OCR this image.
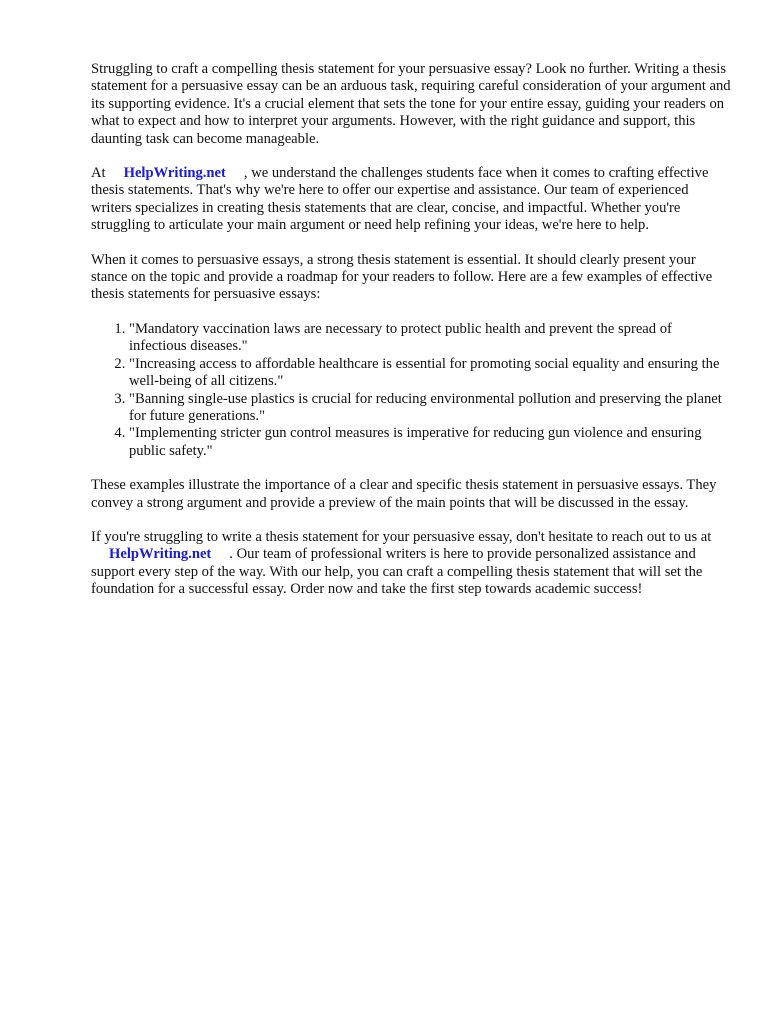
Struggling to craft a compelling thesis statement for your persuasive essay? Look no further. Writing a thesis statement for a persuasive essay can be an arduous task, requiring careful consideration of your argument and its supporting evidence. It's a crucial element that sets the tone for your entire essay, guiding your readers on what to expect and how to interpret your arguments. However, with the right guidance and support, this daunting task can become manageable.

At HelpWriting.net , we understand the challenges students face when it comes to crafting effective thesis statements. That's why we're here to offer our expertise and assistance. Our team of experienced writers specializes in creating thesis statements that are clear, concise, and impactful. Whether you're struggling to articulate your main argument or need help refining your ideas, we're here to help.

When it comes to persuasive essays, a strong thesis statement is essential. It should clearly present your stance on the topic and provide a roadmap for your readers to follow. Here are a few examples of effective thesis statements for persuasive essays:

1. "Mandatory vaccination laws are necessary to protect public health and prevent the spread of infectious diseases."
2. "Increasing access to affordable healthcare is essential for promoting social equality and ensuring the well-being of all citizens."
3. "Banning single-use plastics is crucial for reducing environmental pollution and preserving the planet for future generations."
4. "Implementing stricter gun control measures is imperative for reducing gun violence and ensuring public safety."

These examples illustrate the importance of a clear and specific thesis statement in persuasive essays. They convey a strong argument and provide a preview of the main points that will be discussed in the essay.

If you're struggling to write a thesis statement for your persuasive essay, don't hesitate to reach out to us atHelpWriting.net . Our team of professional writers is here to provide personalized assistance and support every step of the way. With our help, you can craft a compelling thesis statement that will set the foundation for a successful essay. Order now and take the first step towards academic success!
